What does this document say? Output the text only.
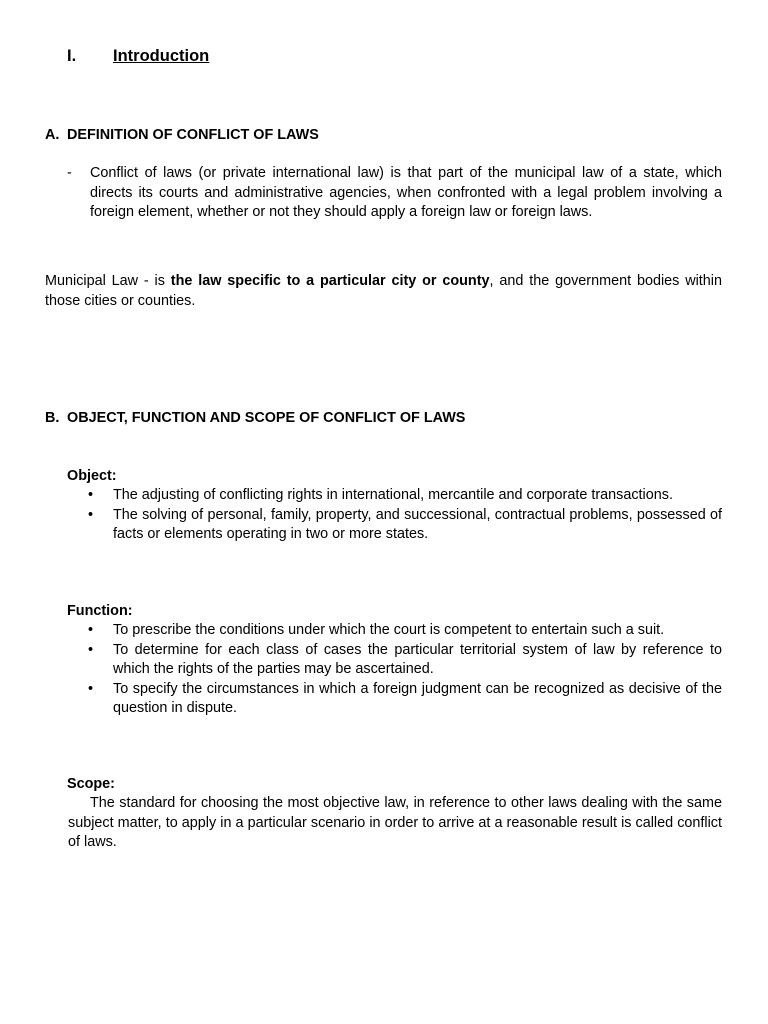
I. Introduction
A. DEFINITION OF CONFLICT OF LAWS
- Conflict of laws (or private international law) is that part of the municipal law of a state, which directs its courts and administrative agencies, when confronted with a legal problem involving a foreign element, whether or not they should apply a foreign law or foreign laws.
Municipal Law - is the law specific to a particular city or county, and the government bodies within those cities or counties.
B. OBJECT, FUNCTION AND SCOPE OF CONFLICT OF LAWS
Object:
• The adjusting of conflicting rights in international, mercantile and corporate transactions.
• The solving of personal, family, property, and successional, contractual problems, possessed of facts or elements operating in two or more states.
Function:
• To prescribe the conditions under which the court is competent to entertain such a suit.
• To determine for each class of cases the particular territorial system of law by reference to which the rights of the parties may be ascertained.
• To specify the circumstances in which a foreign judgment can be recognized as decisive of the question in dispute.
Scope:
The standard for choosing the most objective law, in reference to other laws dealing with the same subject matter, to apply in a particular scenario in order to arrive at a reasonable result is called conflict of laws.
